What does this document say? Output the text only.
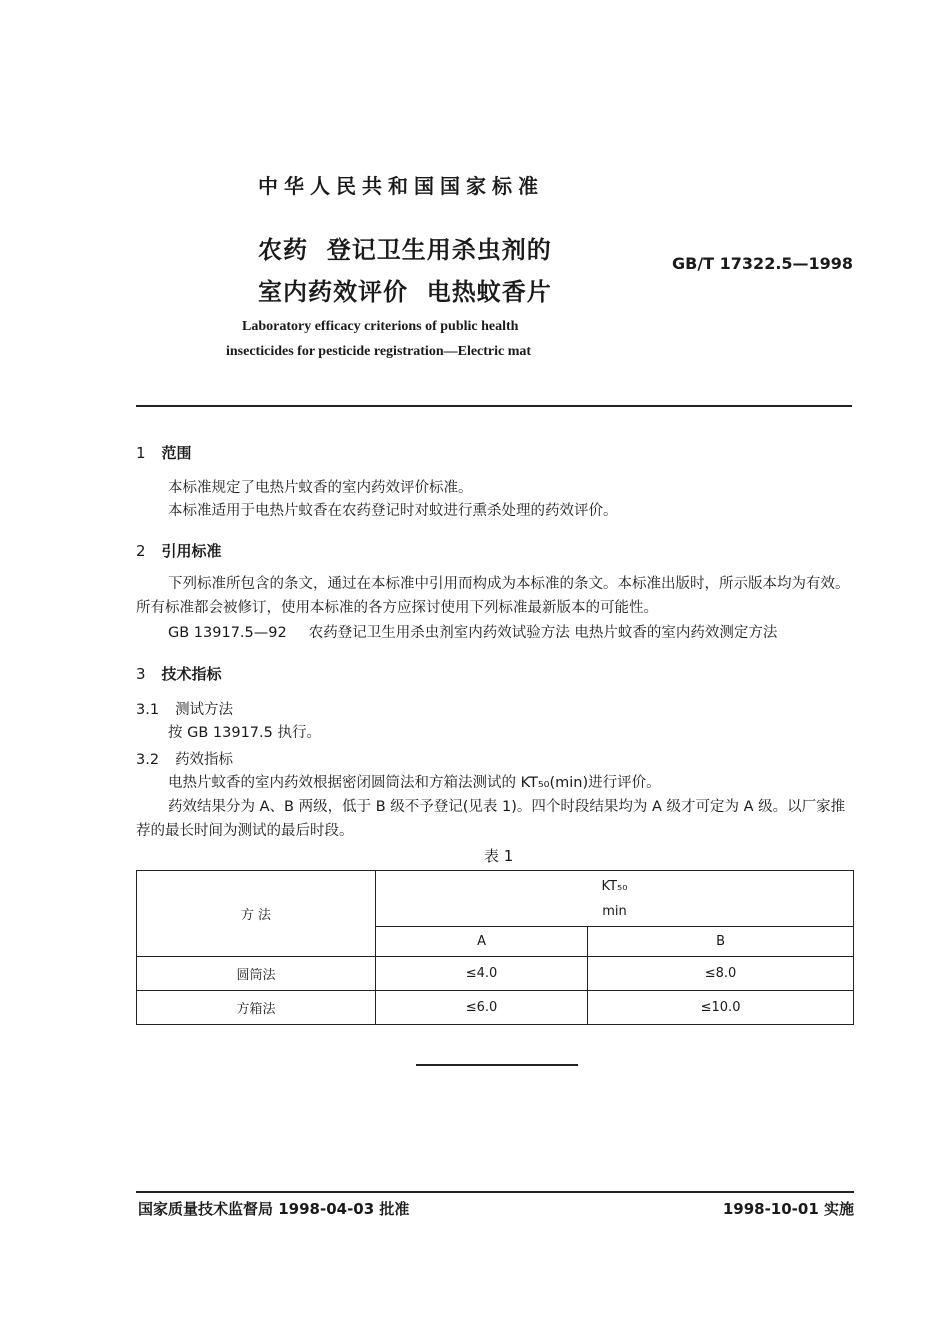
中华人民共和国国家标准
农药  登记卫生用杀虫剂的
室内药效评价  电热蚊香片
GB/T 17322.5—1998
Laboratory efficacy criterions of public health
insecticides for pesticide registration—Electric mat
1 范围
本标准规定了电热片蚊香的室内药效评价标准。
本标准适用于电热片蚊香在农药登记时对蚊进行熏杀处理的药效评价。
2 引用标准
下列标准所包含的条文，通过在本标准中引用而构成为本标准的条文。本标准出版时，所示版本均为有效。所有标准都会被修订，使用本标准的各方应探讨使用下列标准最新版本的可能性。
GB 13917.5—92 农药登记卫生用杀虫剂室内药效试验方法 电热片蚊香的室内药效测定方法
3 技术指标
3.1 测试方法
按 GB 13917.5 执行。
3.2 药效指标
电热片蚊香的室内药效根据密闭圆筒法和方箱法测试的 KT₅₀(min)进行评价。
药效结果分为 A、B 两级，低于 B 级不予登记(见表 1)。四个时段结果均为 A 级才可定为 A 级。以厂家推荐的最长时间为测试的最后时段。
表 1
方 法	KT₅₀
min	

	A	B
圆筒法	≤4.0	≤8.0
方箱法	≤6.0	≤10.0
国家质量技术监督局 1998-04-03 批准	1998-10-01 实施
